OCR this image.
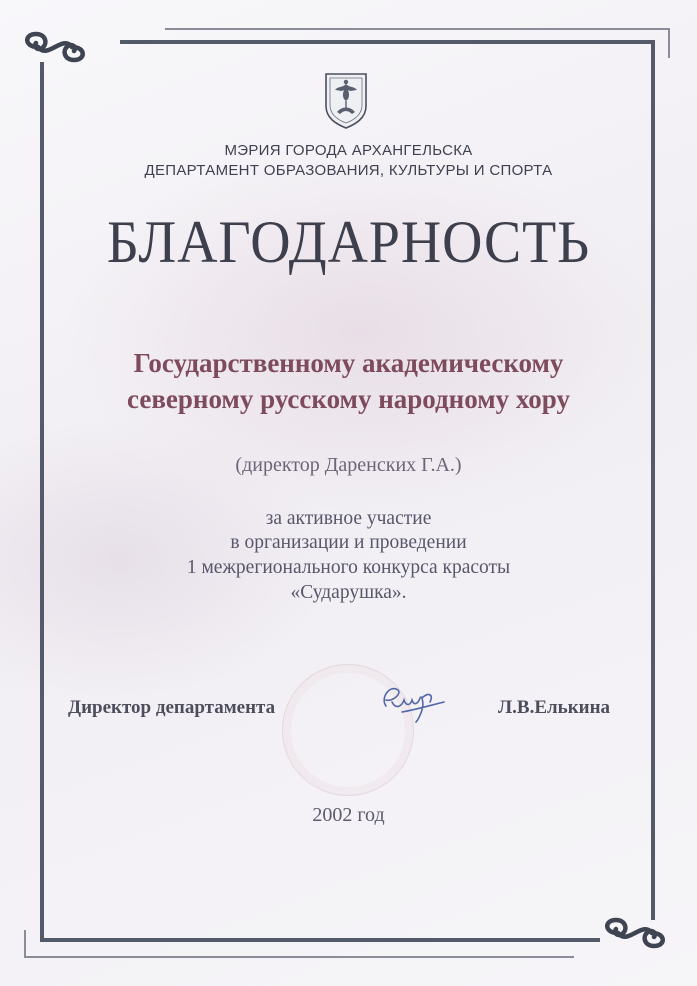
МЭРИЯ ГОРОДА АРХАНГЕЛЬСКА
ДЕПАРТАМЕНТ ОБРАЗОВАНИЯ, КУЛЬТУРЫ И СПОРТА
БЛАГОДАРНОСТЬ
Государственному академическому
северному русскому народному хору
(директор Даренских Г.А.)
за активное участие
в организации и проведении
1 межрегионального конкурса красоты
«Сударушка».
Директор департамента	Л.В.Елькина
2002 год
